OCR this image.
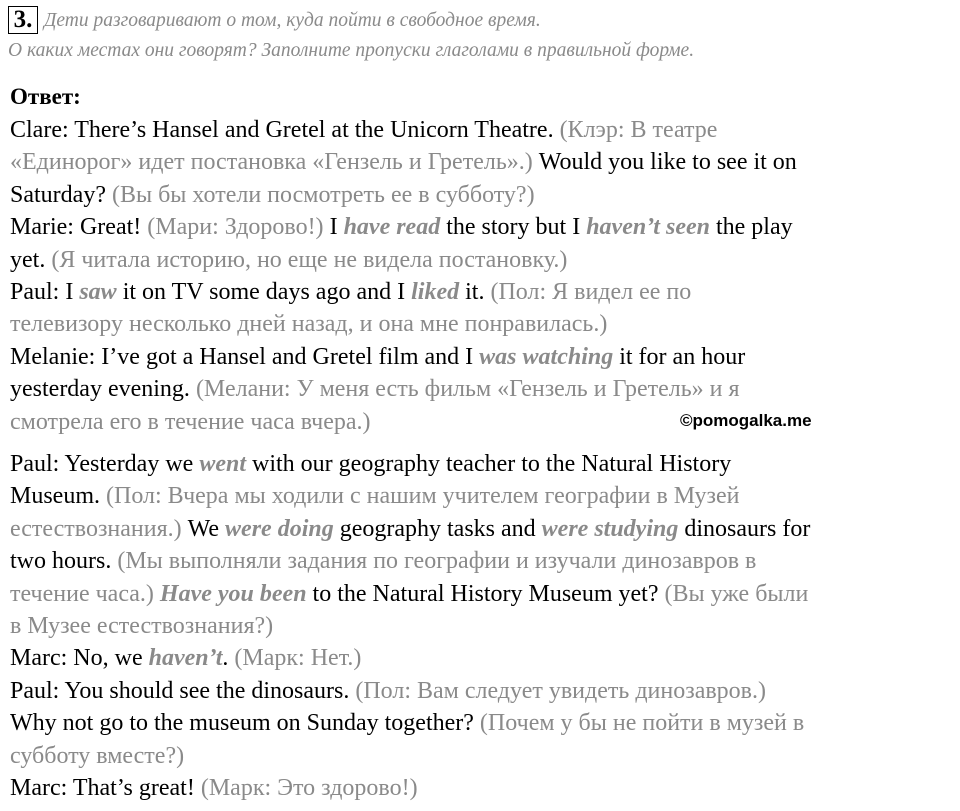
3. Дети разговаривают о том, куда пойти в свободное время.
О каких местах они говорят? Заполните пропуски глаголами в правильной форме.

Ответ:
Clare: There’s Hansel and Gretel at the Unicorn Theatre. (Клэр: В театре
«Единорог» идет постановка «Гензель и Гретель».) Would you like to see it on
Saturday? (Вы бы хотели посмотреть ее в субботу?)
Marie: Great! (Мари: Здорово!) I have read the story but I haven’t seen the play
yet. (Я читала историю, но еще не видела постановку.)
Paul: I saw it on TV some days ago and I liked it. (Пол: Я видел ее по
телевизору несколько дней назад, и она мне понравилась.)
Melanie: I’ve got a Hansel and Gretel film and I was watching it for an hour
yesterday evening. (Мелани: У меня есть фильм «Гензель и Гретель» и я
смотрела его в течение часа вчера.)	©pomogalka.me
Paul: Yesterday we went with our geography teacher to the Natural History
Museum. (Пол: Вчера мы ходили с нашим учителем географии в Музей
естествознания.) We were doing geography tasks and were studying dinosaurs for
two hours. (Мы выполняли задания по географии и изучали динозавров в
течение часа.) Have you been to the Natural History Museum yet? (Вы уже были
в Музее естествознания?)
Marc: No, we haven’t. (Марк: Нет.)
Paul: You should see the dinosaurs. (Пол: Вам следует увидеть динозавров.)
Why not go to the museum on Sunday together? (Почем у бы не пойти в музей в
субботу вместе?)
Marc: That’s great! (Марк: Это здорово!)
